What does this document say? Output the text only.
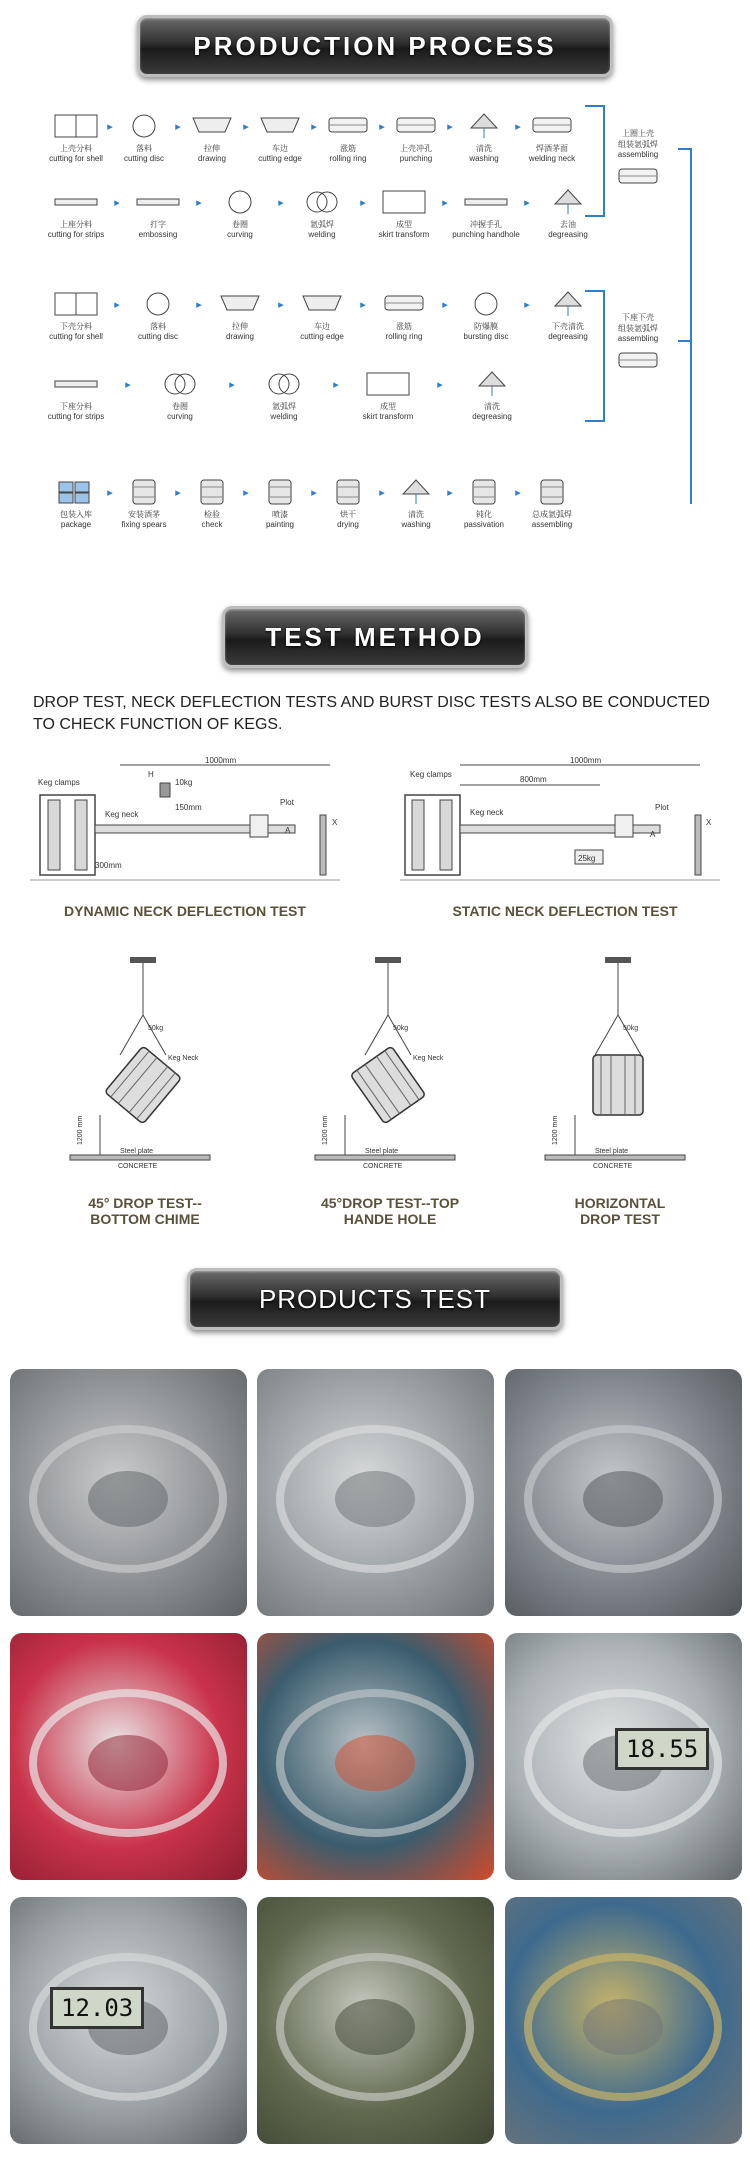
PRODUCTION PROCESS
上壳分料
cutting for shell
▸
落料
cutting disc
▸
拉伸
drawing
▸
车边
cutting edge
▸
涨筋
rolling ring
▸
上壳冲孔
punching
▸
清洗
washing
▸
焊酒茅面
welding neck
上座分料
cutting for strips
▸
打字
embossing
▸
卷圈
curving
▸
氩弧焊
welding
▸
成型
skirt transform
▸
冲握手孔
punching handhole
▸
去油
degreasing
下壳分料
cutting for shell
▸
落料
cutting disc
▸
拉伸
drawing
▸
车边
cutting edge
▸
涨筋
rolling ring
▸
防爆膜
bursting disc
▸
下壳清洗
degreasing
下座分料
cutting for strips
▸
卷圈
curving
▸
氩弧焊
welding
▸
成型
skirt transform
▸
清洗
degreasing
包装入库
package
▸
安装酒茅
fixing spears
▸
检验
check
▸
喷漆
painting
▸
烘干
drying
▸
清洗
washing
▸
钝化
passivation
▸
总成氩弧焊
assembling
上圈上壳
组装氩弧焊
assembling
下座下壳
组装氩弧焊
assembling
TEST METHOD
DROP TEST, NECK DEFLECTION TESTS AND BURST DISC TESTS ALSO BE CONDUCTED TO CHECK FUNCTION OF KEGS.
1000mm
300mm
Keg clamps
Keg neck
10kg
H
150mm
Plot
A
X
1000mm
800mm
Keg clamps
Keg neck
25kg
Plot
A
X
DYNAMIC NECK DEFLECTION TEST	STATIC NECK DEFLECTION TEST
50kg
Keg Neck
1200 mm
Steel plate
CONCRETE
45° DROP TEST--
BOTTOM CHIME
50kg
Keg Neck
1200 mm
Steel plate
CONCRETE
45°DROP TEST--TOP
HANDE HOLE
50kg
1200 mm
Steel plate
CONCRETE
HORIZONTAL
DROP TEST
PRODUCTS TEST
18.55
12.03
